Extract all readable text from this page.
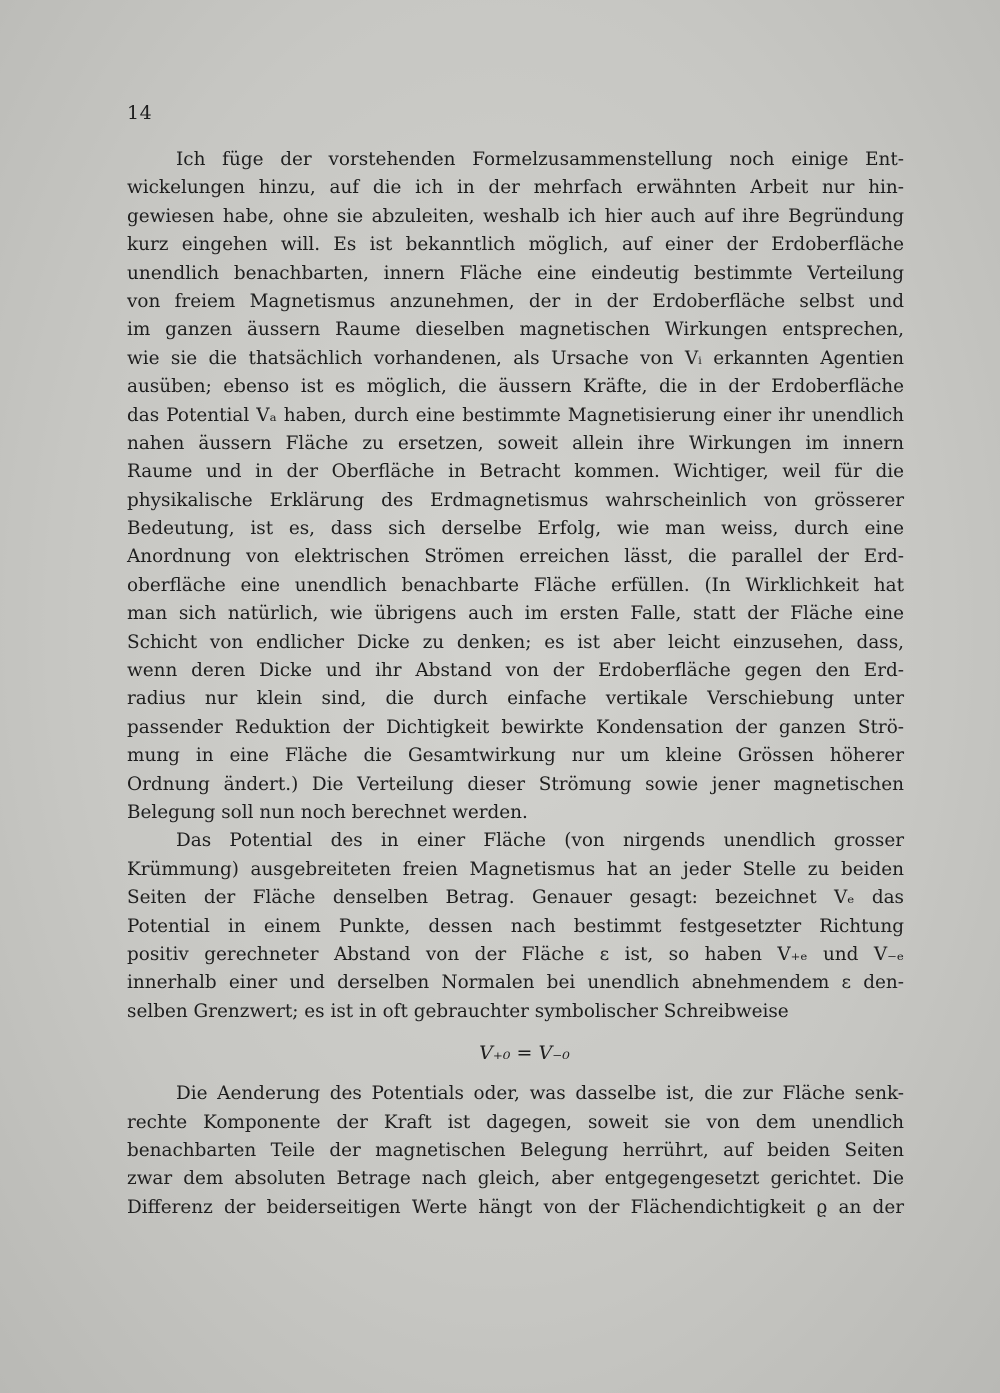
14
Ich füge der vorstehenden Formelzusammenstellung noch einige Ent-
wickelungen hinzu, auf die ich in der mehrfach erwähnten Arbeit nur hin-
gewiesen habe, ohne sie abzuleiten, weshalb ich hier auch auf ihre Begründung
kurz eingehen will. Es ist bekanntlich möglich, auf einer der Erdoberfläche
unendlich benachbarten, innern Fläche eine eindeutig bestimmte Verteilung
von freiem Magnetismus anzunehmen, der in der Erdoberfläche selbst und
im ganzen äussern Raume dieselben magnetischen Wirkungen entsprechen,
wie sie die thatsächlich vorhandenen, als Ursache von Vᵢ erkannten Agentien
ausüben; ebenso ist es möglich, die äussern Kräfte, die in der Erdoberfläche
das Potential Vₐ haben, durch eine bestimmte Magnetisierung einer ihr unendlich
nahen äussern Fläche zu ersetzen, soweit allein ihre Wirkungen im innern
Raume und in der Oberfläche in Betracht kommen. Wichtiger, weil für die
physikalische Erklärung des Erdmagnetismus wahrscheinlich von grösserer
Bedeutung, ist es, dass sich derselbe Erfolg, wie man weiss, durch eine
Anordnung von elektrischen Strömen erreichen lässt, die parallel der Erd-
oberfläche eine unendlich benachbarte Fläche erfüllen. (In Wirklichkeit hat
man sich natürlich, wie übrigens auch im ersten Falle, statt der Fläche eine
Schicht von endlicher Dicke zu denken; es ist aber leicht einzusehen, dass,
wenn deren Dicke und ihr Abstand von der Erdoberfläche gegen den Erd-
radius nur klein sind, die durch einfache vertikale Verschiebung unter
passender Reduktion der Dichtigkeit bewirkte Kondensation der ganzen Strö-
mung in eine Fläche die Gesamtwirkung nur um kleine Grössen höherer
Ordnung ändert.) Die Verteilung dieser Strömung sowie jener magnetischen
Belegung soll nun noch berechnet werden.
Das Potential des in einer Fläche (von nirgends unendlich grosser
Krümmung) ausgebreiteten freien Magnetismus hat an jeder Stelle zu beiden
Seiten der Fläche denselben Betrag. Genauer gesagt: bezeichnet Vₑ das
Potential in einem Punkte, dessen nach bestimmt festgesetzter Richtung
positiv gerechneter Abstand von der Fläche ε ist, so haben V₊ₑ und V₋ₑ
innerhalb einer und derselben Normalen bei unendlich abnehmendem ε den-
selben Grenzwert; es ist in oft gebrauchter symbolischer Schreibweise
V₊₀ = V₋₀
Die Aenderung des Potentials oder, was dasselbe ist, die zur Fläche senk-
rechte Komponente der Kraft ist dagegen, soweit sie von dem unendlich
benachbarten Teile der magnetischen Belegung herrührt, auf beiden Seiten
zwar dem absoluten Betrage nach gleich, aber entgegengesetzt gerichtet. Die
Differenz der beiderseitigen Werte hängt von der Flächendichtigkeit ϱ an der
